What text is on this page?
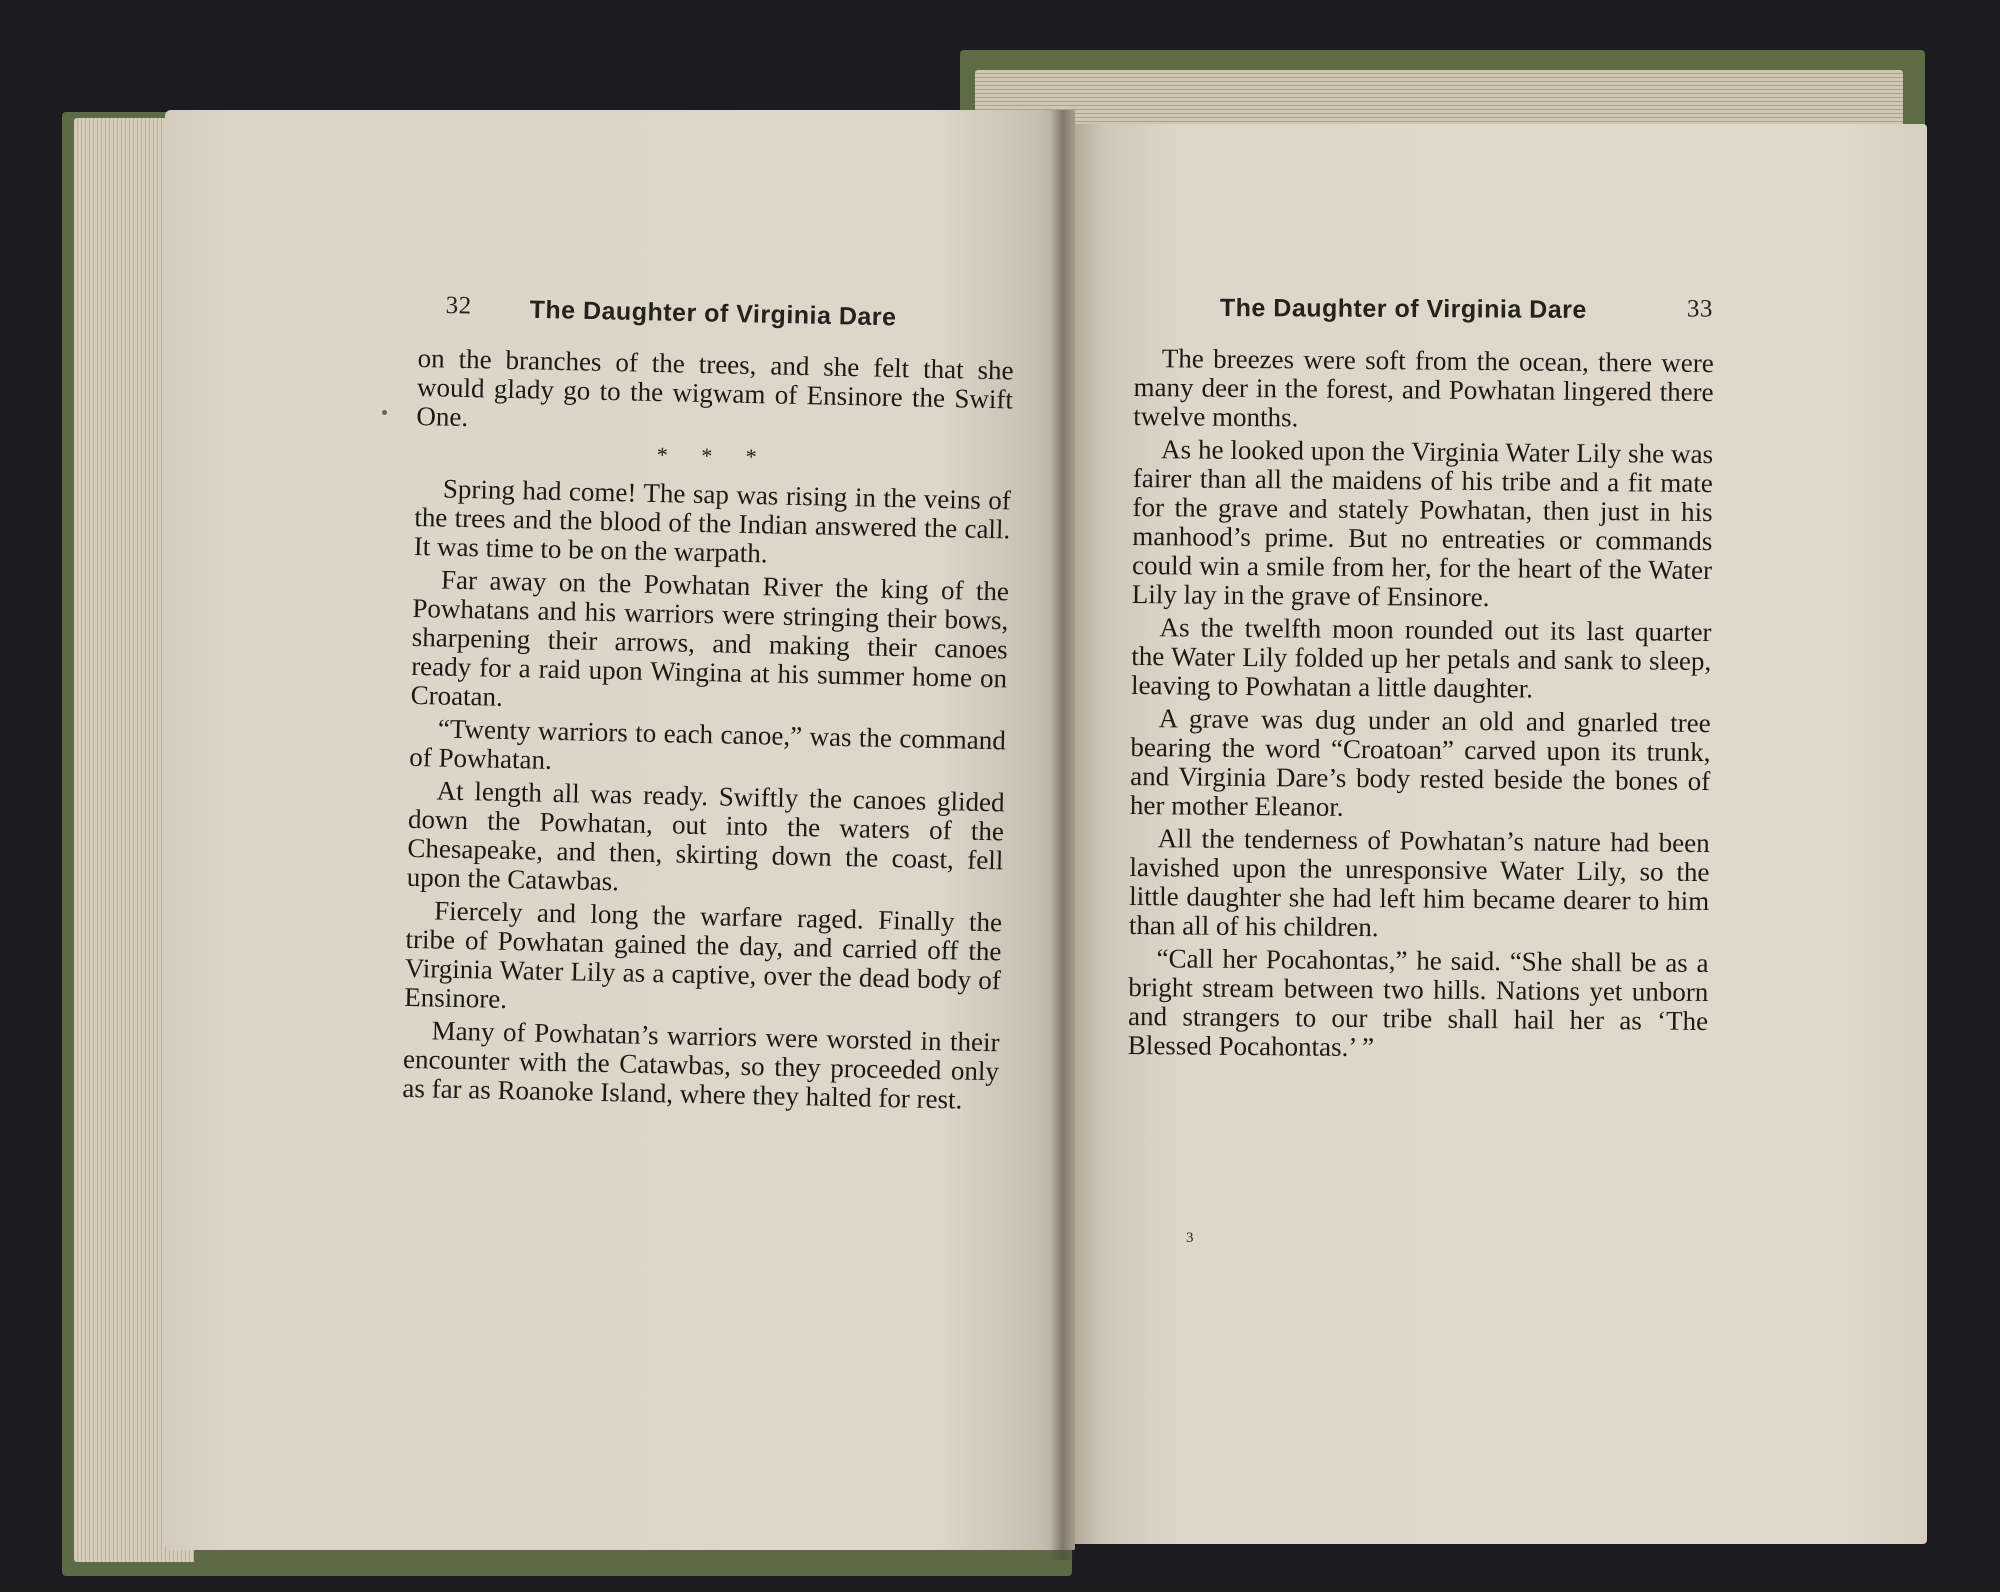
32 The Daughter of Virginia Dare	The Daughter of Virginia Dare	33

on the branches of the trees, and she felt that she would glady go to the wigwam of Ensinore the Swift One.

* * *

Spring had come! The sap was rising in the veins of the trees and the blood of the Indian answered the call. It was time to be on the warpath.

Far away on the Powhatan River the king of the Powhatans and his warriors were stringing their bows, sharpening their arrows, and making their canoes ready for a raid upon Wingina at his summer home on Croatan.

“Twenty warriors to each canoe,” was the command of Powhatan.

At length all was ready. Swiftly the canoes glided down the Powhatan, out into the waters of the Chesapeake, and then, skirting down the coast, fell upon the Catawbas.

Fiercely and long the warfare raged. Finally the tribe of Powhatan gained the day, and carried off the Virginia Water Lily as a captive, over the dead body of Ensinore.

Many of Powhatan’s warriors were worsted in their encounter with the Catawbas, so they proceeded only as far as Roanoke Island, where they halted for rest.

The breezes were soft from the ocean, there were many deer in the forest, and Powhatan lingered there twelve months.

As he looked upon the Virginia Water Lily she was fairer than all the maidens of his tribe and a fit mate for the grave and stately Powhatan, then just in his manhood’s prime. But no entreaties or commands could win a smile from her, for the heart of the Water Lily lay in the grave of Ensinore.

As the twelfth moon rounded out its last quarter the Water Lily folded up her petals and sank to sleep, leaving to Powhatan a little daughter.

A grave was dug under an old and gnarled tree bearing the word “Croatoan” carved upon its trunk, and Virginia Dare’s body rested beside the bones of her mother Eleanor.

All the tenderness of Powhatan’s nature had been lavished upon the unresponsive Water Lily, so the little daughter she had left him became dearer to him than all of his children.

“Call her Pocahontas,” he said. “She shall be as a bright stream between two hills. Nations yet unborn and strangers to our tribe shall hail her as ‘The Blessed Pocahontas.’ ”

3
